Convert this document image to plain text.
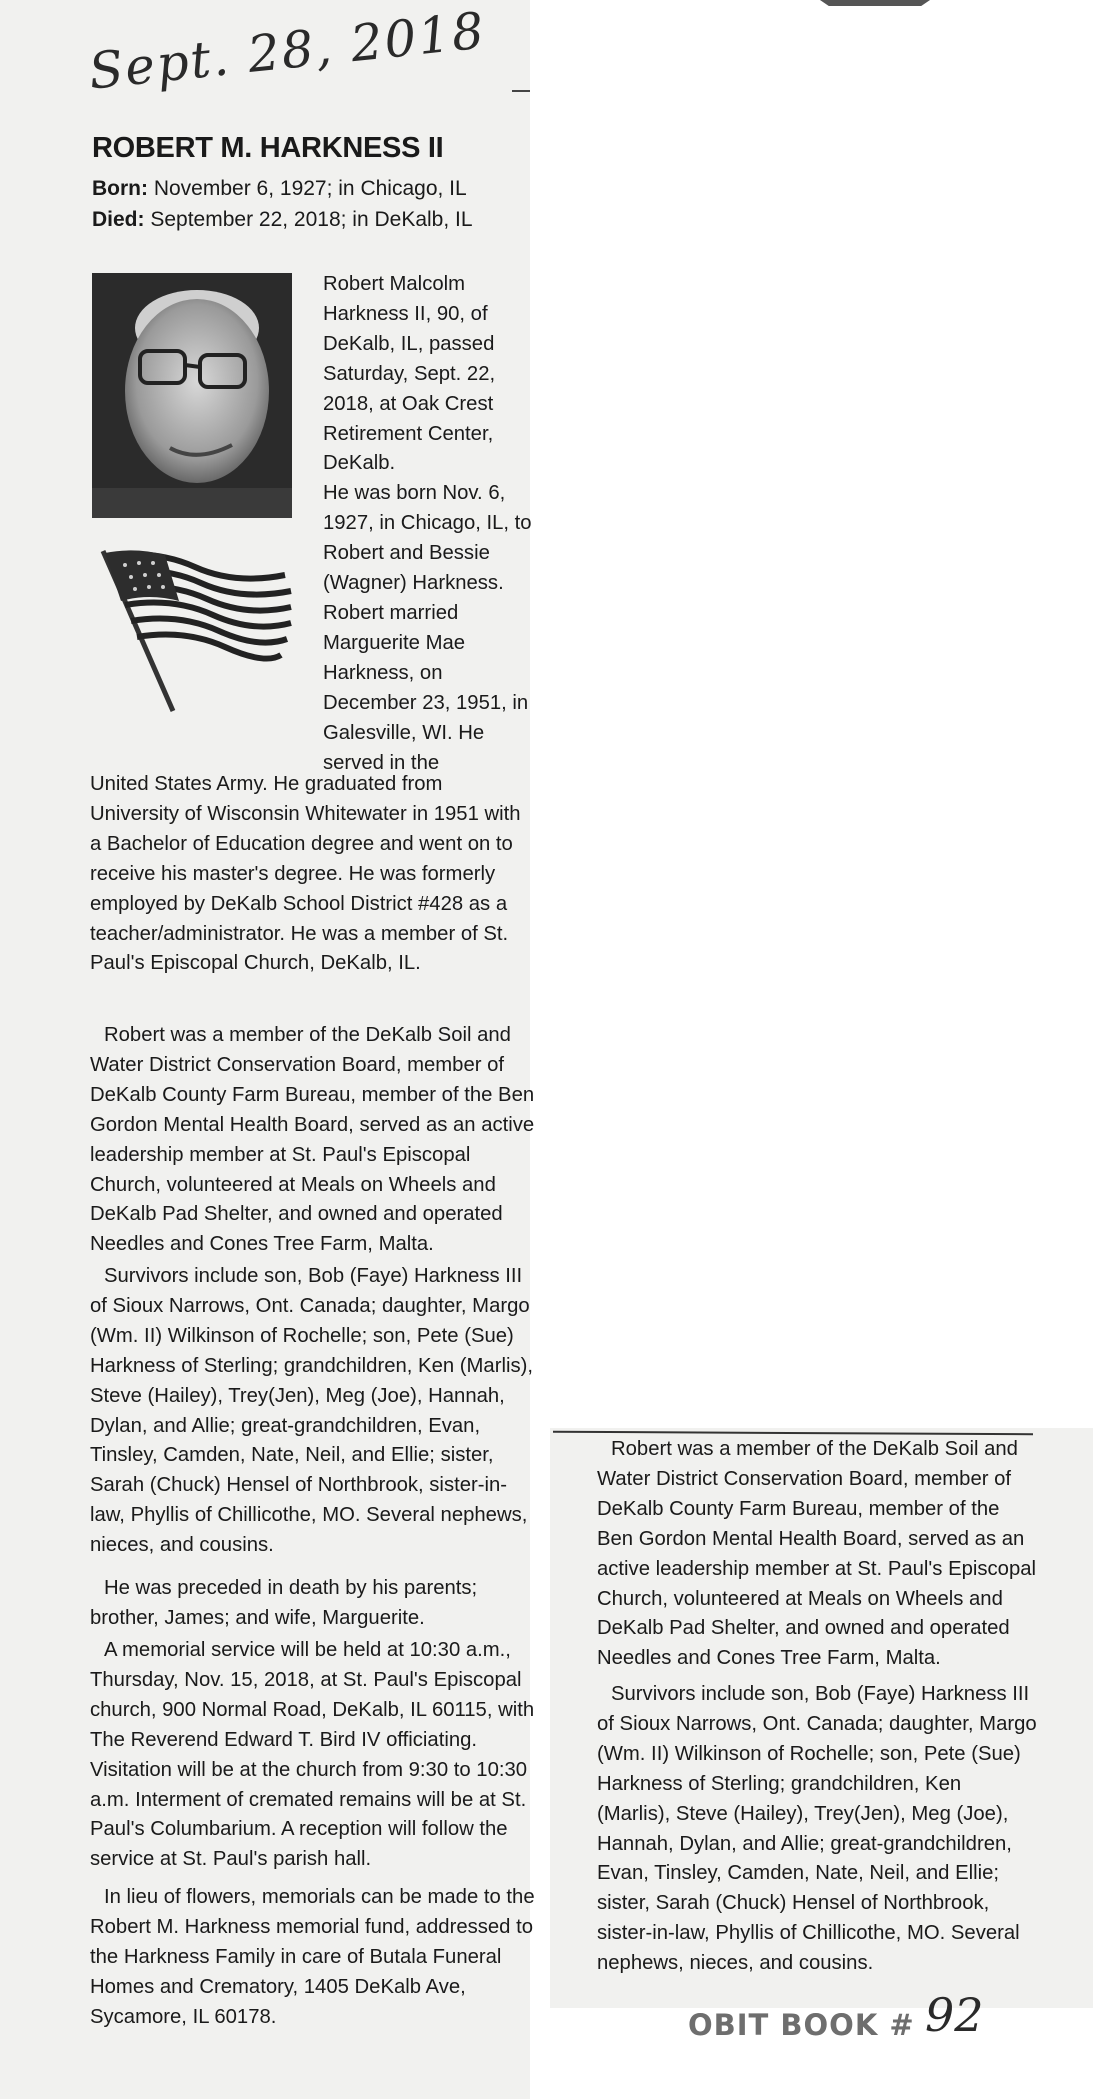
Sept. 28, 2018

ROBERT M. HARKNESS II

Born: November 6, 1927; in Chicago, IL

Died: September 22, 2018; in DeKalb, IL

Robert Malcolm Harkness II, 90, of DeKalb, IL, passed Saturday, Sept. 22, 2018, at Oak Crest Retirement Center, DeKalb.
He was born Nov. 6, 1927, in Chicago, IL, to Robert and Bessie (Wagner) Harkness. Robert married Marguerite Mae Harkness, on December 23, 1951, in Galesville, WI. He served in the

United States Army. He graduated from University of Wisconsin Whitewater in 1951 with a Bachelor of Education degree and went on to receive his master's degree. He was formerly employed by DeKalb School District #428 as a teacher/administrator. He was a member of St. Paul's Episcopal Church, DeKalb, IL.

Robert was a member of the DeKalb Soil and Water District Conservation Board, member of DeKalb County Farm Bureau, member of the Ben Gordon Mental Health Board, served as an active leadership member at St. Paul's Episcopal Church, volunteered at Meals on Wheels and DeKalb Pad Shelter, and owned and operated Needles and Cones Tree Farm, Malta.

Survivors include son, Bob (Faye) Harkness III of Sioux Narrows, Ont. Canada; daughter, Margo (Wm. II) Wilkinson of Rochelle; son, Pete (Sue) Harkness of Sterling; grandchildren, Ken (Marlis), Steve (Hailey), Trey(Jen), Meg (Joe), Hannah, Dylan, and Allie; great-grandchildren, Evan, Tinsley, Camden, Nate, Neil, and Ellie; sister, Sarah (Chuck) Hensel of Northbrook, sister-in-law, Phyllis of Chillicothe, MO. Several nephews, nieces, and cousins.

He was preceded in death by his parents; brother, James; and wife, Marguerite.

A memorial service will be held at 10:30 a.m., Thursday, Nov. 15, 2018, at St. Paul's Episcopal church, 900 Normal Road, DeKalb, IL 60115, with The Reverend Edward T. Bird IV officiating. Visitation will be at the church from 9:30 to 10:30 a.m. Interment of cremated remains will be at St. Paul's Columbarium. A reception will follow the service at St. Paul's parish hall.

In lieu of flowers, memorials can be made to the Robert M. Harkness memorial fund, addressed to the Harkness Family in care of Butala Funeral Homes and Crematory, 1405 DeKalb Ave, Sycamore, IL 60178.

Robert was a member of the DeKalb Soil and Water District Conservation Board, member of DeKalb County Farm Bureau, member of the Ben Gordon Mental Health Board, served as an active leadership member at St. Paul's Episcopal Church, volunteered at Meals on Wheels and DeKalb Pad Shelter, and owned and operated Needles and Cones Tree Farm, Malta.

Survivors include son, Bob (Faye) Harkness III of Sioux Narrows, Ont. Canada; daughter, Margo (Wm. II) Wilkinson of Rochelle; son, Pete (Sue) Harkness of Sterling; grandchildren, Ken (Marlis), Steve (Hailey), Trey(Jen), Meg (Joe), Hannah, Dylan, and Allie; great-grandchildren, Evan, Tinsley, Camden, Nate, Neil, and Ellie; sister, Sarah (Chuck) Hensel of Northbrook, sister-in-law, Phyllis of Chillicothe, MO. Several nephews, nieces, and cousins.

OBIT BOOK # 92
